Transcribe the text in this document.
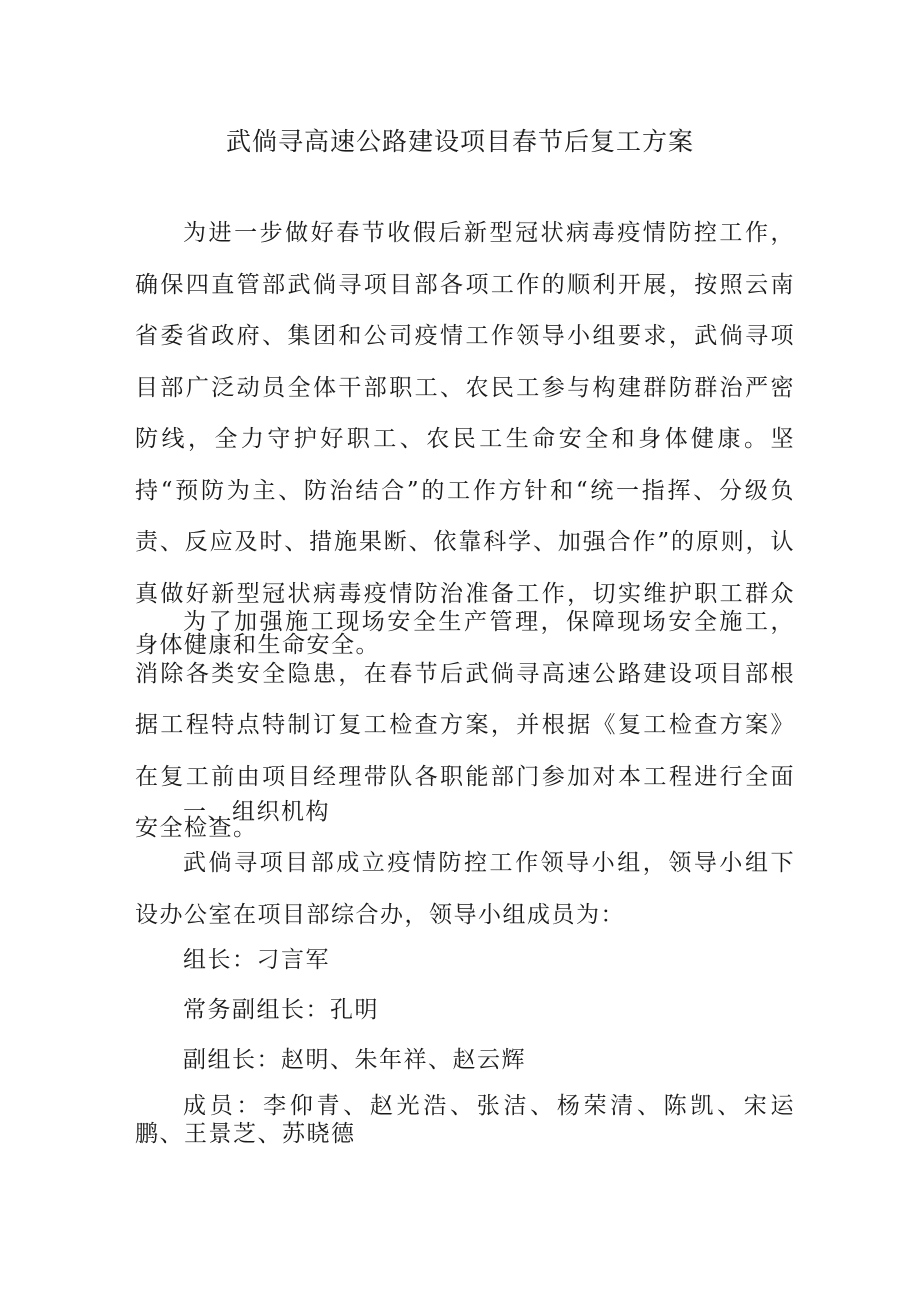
武倘寻高速公路建设项目春节后复工方案

为进一步做好春节收假后新型冠状病毒疫情防控工作，确保四直管部武倘寻项目部各项工作的顺利开展，按照云南省委省政府、集团和公司疫情工作领导小组要求，武倘寻项目部广泛动员全体干部职工、农民工参与构建群防群治严密防线，全力守护好职工、农民工生命安全和身体健康。坚持“预防为主、防治结合”的工作方针和“统一指挥、分级负责、反应及时、措施果断、依靠科学、加强合作”的原则，认真做好新型冠状病毒疫情防治准备工作，切实维护职工群众身体健康和生命安全。

为了加强施工现场安全生产管理，保障现场安全施工，消除各类安全隐患，在春节后武倘寻高速公路建设项目部根据工程特点特制订复工检查方案，并根据《复工检查方案》在复工前由项目经理带队各职能部门参加对本工程进行全面安全检查。

一、组织机构

武倘寻项目部成立疫情防控工作领导小组，领导小组下设办公室在项目部综合办，领导小组成员为：

组长：刁言军

常务副组长：孔明

副组长：赵明、朱年祥、赵云辉

成员：李仰青、赵光浩、张洁、杨荣清、陈凯、宋运鹏、王景芝、苏晓德
